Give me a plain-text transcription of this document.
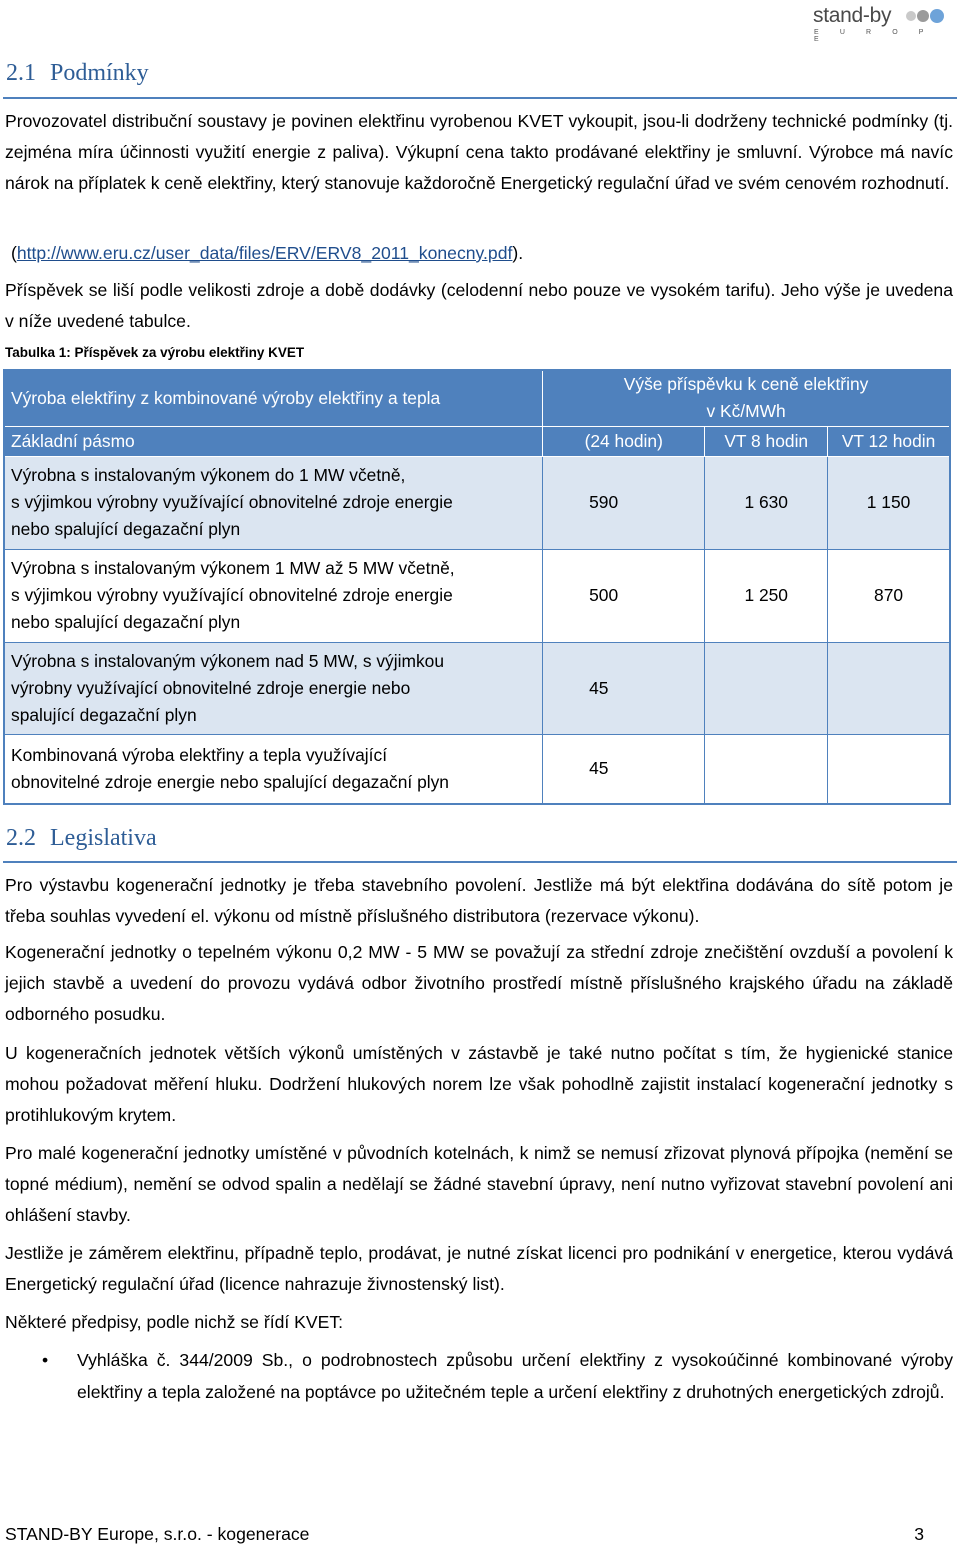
stand-by
E U R O P E
2.1 Podmínky
Provozovatel distribuční soustavy je povinen elektřinu vyrobenou KVET vykoupit, jsou-li dodrženy technické podmínky (tj. zejména míra účinnosti využití energie z paliva). Výkupní cena takto prodávané elektřiny je smluvní. Výrobce má navíc nárok na příplatek k ceně elektřiny, který stanovuje každoročně Energetický regulační úřad ve svém cenovém rozhodnutí.
(http://www.eru.cz/user_data/files/ERV/ERV8_2011_konecny.pdf).
Příspěvek se liší podle velikosti zdroje a době dodávky (celodenní nebo pouze ve vysokém tarifu). Jeho výše je uvedena v níže uvedené tabulce.
Tabulka 1: Příspěvek za výrobu elektřiny KVET
Výroba elektřiny z kombinované výroby elektřiny a tepla	Výše příspěvku k ceně elektřiny
v Kč/MWh		

Základní pásmo	(24 hodin)	VT 8 hodin	VT 12 hodin

Výrobna s instalovaným výkonem do 1 MW včetně,
s výjimkou výrobny využívající obnovitelné zdroje energie
nebo spalující degazační plyn	590	1 630	1 150

Výrobna s instalovaným výkonem 1 MW až 5 MW včetně,
s výjimkou výrobny využívající obnovitelné zdroje energie
nebo spalující degazační plyn	500	1 250	870

Výrobna s instalovaným výkonem nad 5 MW, s výjimkou
výrobny využívající obnovitelné zdroje energie nebo
spalující degazační plyn	45		

Kombinovaná výroba elektřiny a tepla využívající
obnovitelné zdroje energie nebo spalující degazační plyn	45		
2.2 Legislativa
Pro výstavbu kogenerační jednotky je třeba stavebního povolení. Jestliže má být elektřina dodávána do sítě potom je třeba souhlas vyvedení el. výkonu od místně příslušného distributora (rezervace výkonu).
Kogenerační jednotky o tepelném výkonu 0,2 MW - 5 MW se považují za střední zdroje znečištění ovzduší a povolení k jejich stavbě a uvedení do provozu vydává odbor životního prostředí místně příslušného krajského úřadu na základě odborného posudku.
U kogeneračních jednotek větších výkonů umístěných v zástavbě je také nutno počítat s tím, že hygienické stanice mohou požadovat měření hluku. Dodržení hlukových norem lze však pohodlně zajistit instalací kogenerační jednotky s protihlukovým krytem.
Pro malé kogenerační jednotky umístěné v původních kotelnách, k nimž se nemusí zřizovat plynová přípojka (nemění se topné médium), nemění se odvod spalin a nedělají se žádné stavební úpravy, není nutno vyřizovat stavební povolení ani ohlášení stavby.
Jestliže je záměrem elektřinu, případně teplo, prodávat, je nutné získat licenci pro podnikání v energetice, kterou vydává Energetický regulační úřad (licence nahrazuje živnostenský list).
Některé předpisy, podle nichž se řídí KVET:
• Vyhláška č. 344/2009 Sb., o podrobnostech způsobu určení elektřiny z vysokoúčinné kombinované výroby elektřiny a tepla založené na poptávce po užitečném teple a určení elektřiny z druhotných energetických zdrojů.
STAND-BY Europe, s.r.o. - kogenerace	3
